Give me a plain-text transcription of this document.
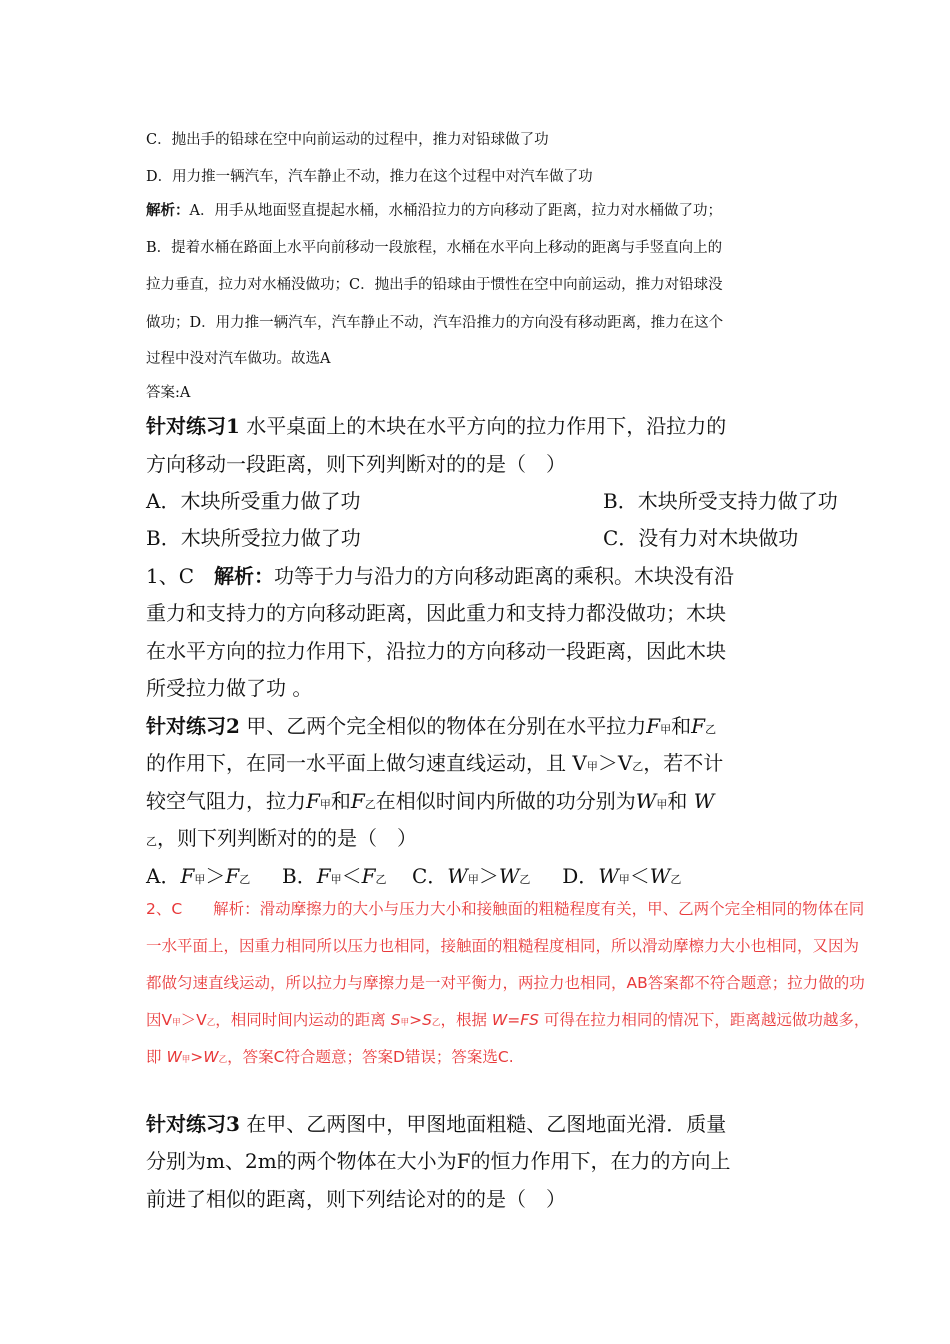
C．抛出手的铅球在空中向前运动的过程中，推力对铅球做了功
D．用力推一辆汽车，汽车静止不动，推力在这个过程中对汽车做了功
解析：A．用手从地面竖直提起水桶，水桶沿拉力的方向移动了距离，拉力对水桶做了功；
B．提着水桶在路面上水平向前移动一段旅程，水桶在水平向上移动的距离与手竖直向上的
拉力垂直，拉力对水桶没做功；C．抛出手的铅球由于惯性在空中向前运动，推力对铅球没
做功；D．用力推一辆汽车，汽车静止不动，汽车沿推力的方向没有移动距离，推力在这个
过程中没对汽车做功。故选A
答案:A
针对练习1 水平桌面上的木块在水平方向的拉力作用下，沿拉力的
方向移动一段距离，则下列判断对的的是（　）
A．木块所受重力做了功	B．木块所受支持力做了功
B．木块所受拉力做了功	C．没有力对木块做功
1、C　解析：功等于力与沿力的方向移动距离的乘积。木块没有沿
重力和支持力的方向移动距离，因此重力和支持力都没做功；木块
在水平方向的拉力作用下，沿拉力的方向移动一段距离，因此木块
所受拉力做了功 。
针对练习2 甲、乙两个完全相似的物体在分别在水平拉力F甲和F乙
的作用下，在同一水平面上做匀速直线运动，且 V甲＞V乙，若不计
较空气阻力，拉力F甲和F乙在相似时间内所做的功分别为W甲和 W
乙，则下列判断对的的是（　）
A．F甲＞F乙 B．F甲＜F乙 C．W甲＞W乙 D．W甲＜W乙
2、C　　解析：滑动摩擦力的大小与压力大小和接触面的粗糙程度有关，甲、乙两个完全相同的物体在同
一水平面上，因重力相同所以压力也相同，接触面的粗糙程度相同，所以滑动摩檫力大小也相同，又因为
都做匀速直线运动，所以拉力与摩擦力是一对平衡力，两拉力也相同，AB答案都不符合题意；拉力做的功
因V甲＞V乙，相同时间内运动的距离 S甲>S乙，根据 W=FS 可得在拉力相同的情况下，距离越远做功越多，
即 W甲>W乙，答案C符合题意；答案D错误；答案选C.
针对练习3 在甲、乙两图中，甲图地面粗糙、乙图地面光滑．质量
分别为m、2m的两个物体在大小为F的恒力作用下，在力的方向上
前进了相似的距离，则下列结论对的的是（　）
